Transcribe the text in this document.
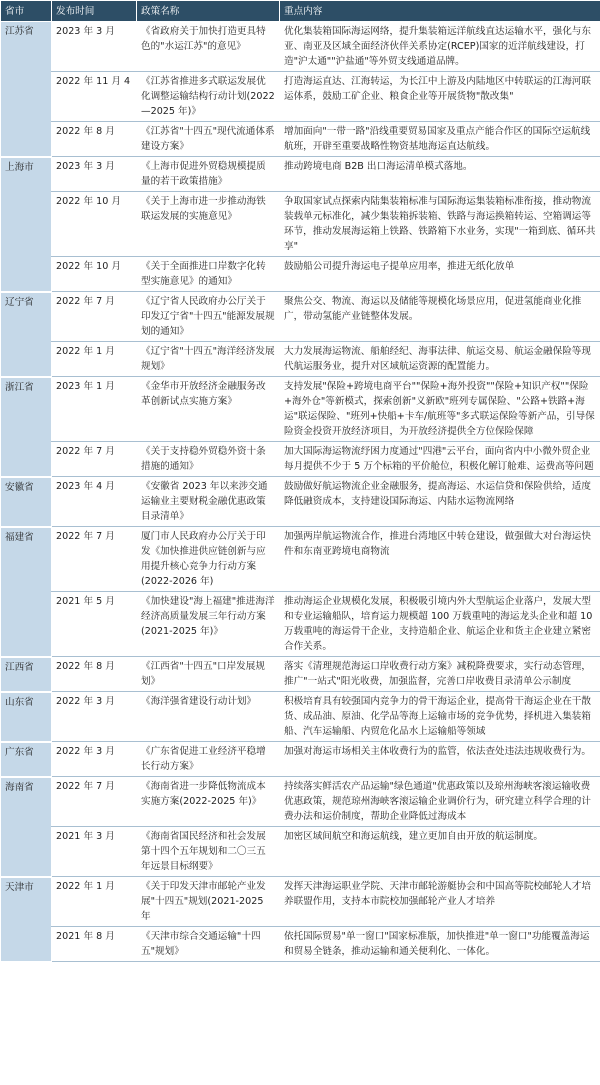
省市	发布时间	政策名称	重点内容
江苏省	2023 年 3 月	《省政府关于加快打造更具特色的"水运江苏"的意见》	优化集装箱国际海运网络，提升集装箱远洋航线直达运输水平，强化与东亚、南亚及区域全面经济伙伴关系协定(RCEP)国家的近洋航线建设，打造"沪太通""沪盐通"等外贸支线通道品牌。
	2022 年 11 月 4	《江苏省推进多式联运发展优化调整运输结构行动计划(2022—2025 年)》	打造海运直达、江海转运，为长江中上游及内陆地区中转联运的江海河联运体系，鼓励工矿企业、粮食企业等开展货物"散改集"
	2022 年 8 月	《江苏省"十四五"现代流通体系建设方案》	增加面向"一带一路"沿线重要贸易国家及重点产能合作区的国际空运航线航班，开辟至重要战略性物资基地海运直达航线。
上海市	2023 年 3 月	《上海市促进外贸稳规模提质量的若干政策措施》	推动跨境电商 B2B 出口海运清单模式落地。
	2022 年 10 月	《关于上海市进一步推动海铁联运发展的实施意见》	争取国家试点探索内陆集装箱标准与国际海运集装箱标准衔接，推动物流装载单元标准化，减少集装箱拆装箱、铁路与海运换箱转运、空箱调运等环节，推动发展海运箱上铁路、铁路箱下水业务，实现"一箱到底、循环共享"
	2022 年 10 月	《关于全面推进口岸数字化转型实施意见》的通知》	鼓励船公司提升海运电子提单应用率，推进无纸化放单
辽宁省	2022 年 7 月	《辽宁省人民政府办公厅关于印发辽宁省"十四五"能源发展规划的通知》	聚焦公交、物流、海运以及储能等规模化场景应用，促进氢能商业化推广，带动氢能产业链整体发展。
	2022 年 1 月	《辽宁省"十四五"海洋经济发展规划》	大力发展海运物流、船舶经纪、海事法律、航运交易、航运金融保险等现代航运服务业，提升对区域航运资源的配置能力。
浙江省	2023 年 1 月	《金华市开放经济金融服务改革创新试点实施方案》	支持发展"保险+跨境电商平台""保险+海外投资""保险+知识产权""保险+海外仓"等新模式，探索创新"义新欧"班列专属保险、"公路+铁路+海运"联运保险、"班列+快船+卡车/航班等"多式联运保险等新产品，引导保险资金投资开放经济项目，为开放经济提供全方位保险保障
	2022 年 7 月	《关于支持稳外贸稳外资十条措施的通知》	加大国际海运物流纾困力度通过"四港"云平台，面向省内中小微外贸企业每月提供不少于 5 万个标箱的平价舱位，积极化解订舱难、运费高等问题
安徽省	2023 年 4 月	《安徽省 2023 年以来涉交通运输业主要财税金融优惠政策目录清单》	鼓励做好航运物流企业金融服务，提高海运、水运信贷和保险供给，适度降低融资成本，支持建设国际海运、内陆水运物流网络
福建省	2022 年 7 月	厦门市人民政府办公厅关于印发《加快推进供应链创新与应用提升核心竞争力行动方案(2022-2026 年)	加强两岸航运物流合作，推进台湾地区中转仓建设，做强做大对台海运快件和东南亚跨境电商物流
	2021 年 5 月	《加快建设"海上福建"推进海洋经济高质量发展三年行动方案(2021-2025 年)》	推动海运企业规模化发展，积极吸引境内外大型航运企业落户，发展大型和专业运输船队，培育运力规模超 100 万载重吨的海运龙头企业和超 10 万载重吨的海运骨干企业，支持造船企业、航运企业和货主企业建立紧密合作关系。
江西省	2022 年 8 月	《江西省"十四五"口岸发展规划》	落实《清理规范海运口岸收费行动方案》减税降费要求，实行动态管理，推广"一站式"阳光收费，加强监督，完善口岸收费目录清单公示制度
山东省	2022 年 3 月	《海洋强省建设行动计划》	积极培育具有较强国内竞争力的骨干海运企业，提高骨干海运企业在干散货、成品油、原油、化学品等海上运输市场的竞争优势，择机进入集装箱船、汽车运输船、内贸危化品水上运输船等领域
广东省	2022 年 3 月	《广东省促进工业经济平稳增长行动方案》	加强对海运市场相关主体收费行为的监管，依法查处违法违规收费行为。
海南省	2022 年 7 月	《海南省进一步降低物流成本实施方案(2022-2025 年)》	持续落实鲜活农产品运输"绿色通道"优惠政策以及琼州海峡客滚运输收费优惠政策，规范琼州海峡客滚运输企业调价行为，研究建立科学合理的计费办法和运价制度，帮助企业降低过海成本
	2021 年 3 月	《海南省国民经济和社会发展第十四个五年规划和二〇三五年远景目标纲要》	加密区域间航空和海运航线，建立更加自由开放的航运制度。
天津市	2022 年 1 月	《关于印发天津市邮轮产业发展"十四五"规划(2021-2025 年	发挥天津海运职业学院、天津市邮轮游艇协会和中国高等院校邮轮人才培养联盟作用，支持本市院校加强邮轮产业人才培养
	2021 年 8 月	《天津市综合交通运输"十四五"规划》	依托国际贸易"单一窗口"国家标准版，加快推进"单一窗口"功能覆盖海运和贸易全链条，推动运输和通关便利化、一体化。
